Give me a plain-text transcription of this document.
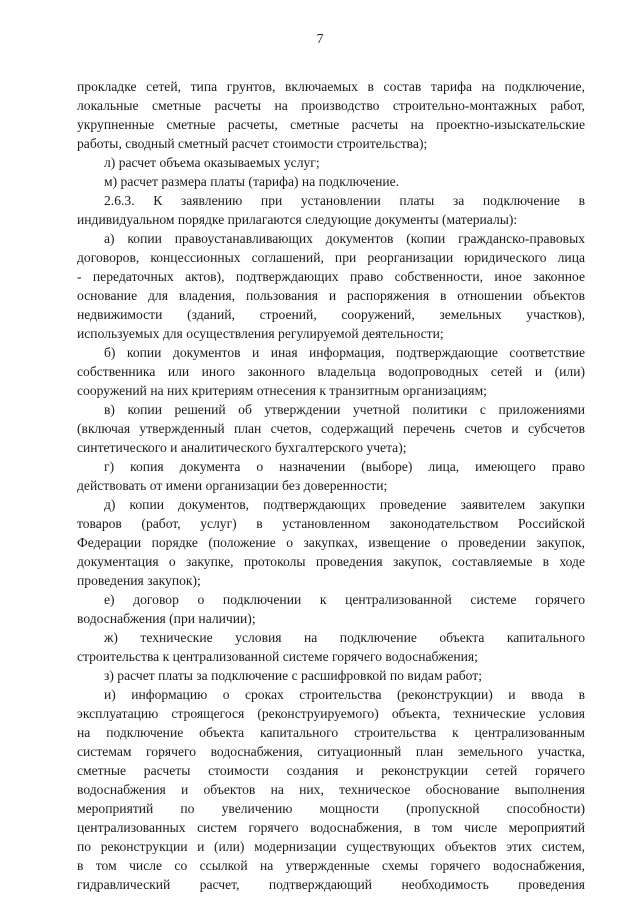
7
прокладке сетей, типа грунтов, включаемых в состав тарифа на подключение,
локальные сметные расчеты на производство строительно-монтажных работ,
укрупненные сметные расчеты, сметные расчеты на проектно-изыскательские
работы, сводный сметный расчет стоимости строительства);
л) расчет объема оказываемых услуг;
м) расчет размера платы (тарифа) на подключение.
2.6.3. К заявлению при установлении платы за подключение в
индивидуальном порядке прилагаются следующие документы (материалы):
а) копии правоустанавливающих документов (копии гражданско-правовых
договоров, концессионных соглашений, при реорганизации юридического лица
- передаточных актов), подтверждающих право собственности, иное законное
основание для владения, пользования и распоряжения в отношении объектов
недвижимости (зданий, строений, сооружений, земельных участков),
используемых для осуществления регулируемой деятельности;
б) копии документов и иная информация, подтверждающие соответствие
собственника или иного законного владельца водопроводных сетей и (или)
сооружений на них критериям отнесения к транзитным организациям;
в) копии решений об утверждении учетной политики с приложениями
(включая утвержденный план счетов, содержащий перечень счетов и субсчетов
синтетического и аналитического бухгалтерского учета);
г) копия документа о назначении (выборе) лица, имеющего право
действовать от имени организации без доверенности;
д) копии документов, подтверждающих проведение заявителем закупки
товаров (работ, услуг) в установленном законодательством Российской
Федерации порядке (положение о закупках, извещение о проведении закупок,
документация о закупке, протоколы проведения закупок, составляемые в ходе
проведения закупок);
е) договор о подключении к централизованной системе горячего
водоснабжения (при наличии);
ж) технические условия на подключение объекта капитального
строительства к централизованной системе горячего водоснабжения;
з) расчет платы за подключение с расшифровкой по видам работ;
и) информацию о сроках строительства (реконструкции) и ввода в
эксплуатацию строящегося (реконструируемого) объекта, технические условия
на подключение объекта капитального строительства к централизованным
системам горячего водоснабжения, ситуационный план земельного участка,
сметные расчеты стоимости создания и реконструкции сетей горячего
водоснабжения и объектов на них, техническое обоснование выполнения
мероприятий по увеличению мощности (пропускной способности)
централизованных систем горячего водоснабжения, в том числе мероприятий
по реконструкции и (или) модернизации существующих объектов этих систем,
в том числе со ссылкой на утвержденные схемы горячего водоснабжения,
гидравлический расчет, подтверждающий необходимость проведения
